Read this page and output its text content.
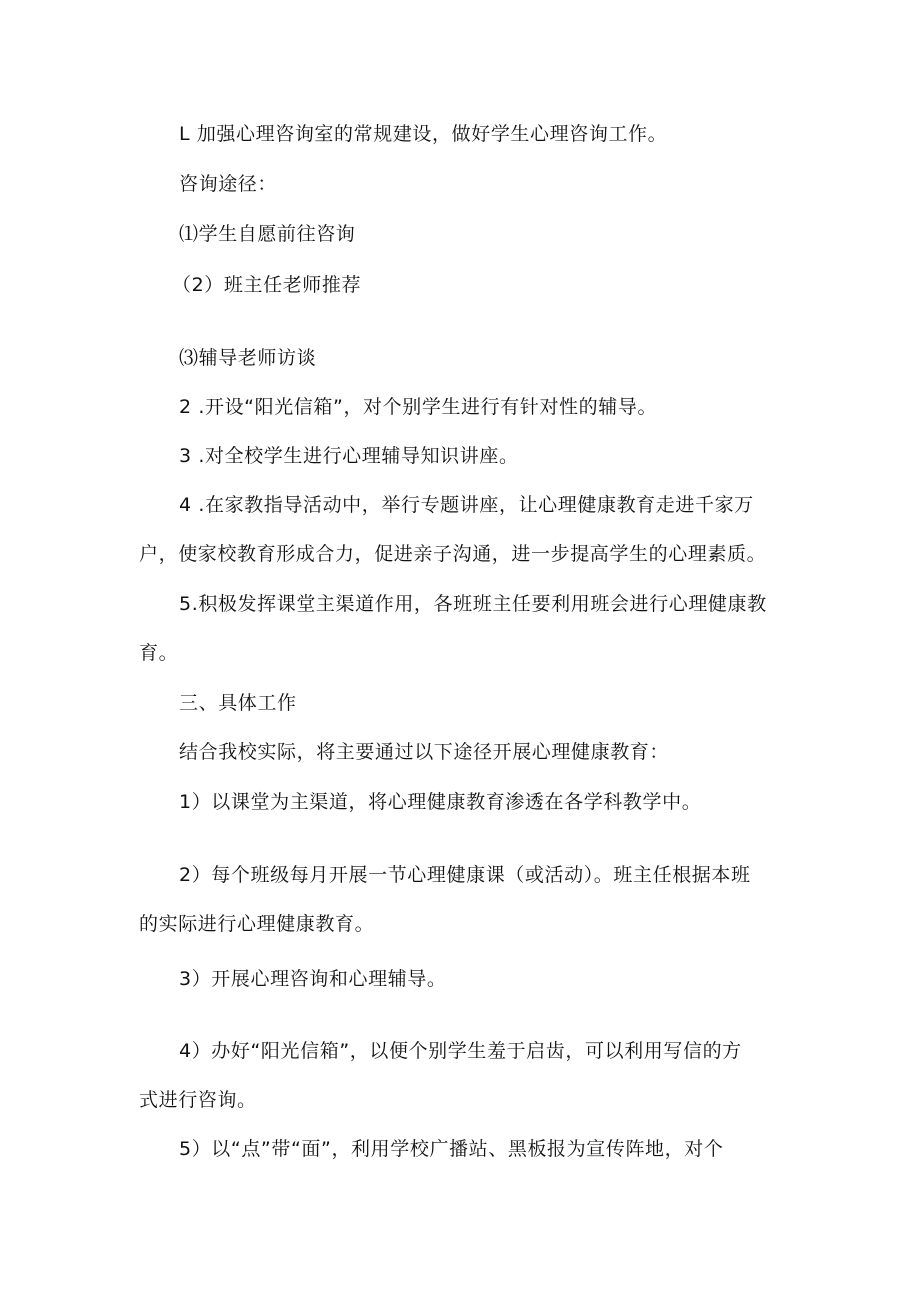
L 加强心理咨询室的常规建设，做好学生心理咨询工作。

咨询途径：

⑴学生自愿前往咨询

（2）班主任老师推荐

⑶辅导老师访谈

2 .开设“阳光信箱”，对个别学生进行有针对性的辅导。

3 .对全校学生进行心理辅导知识讲座。

4 .在家教指导活动中，举行专题讲座，让心理健康教育走进千家万

户，使家校教育形成合力，促进亲子沟通，进一步提高学生的心理素质。

5.积极发挥课堂主渠道作用，各班班主任要利用班会进行心理健康教

育。

三、具体工作

结合我校实际，将主要通过以下途径开展心理健康教育：

1）以课堂为主渠道，将心理健康教育渗透在各学科教学中。

2）每个班级每月开展一节心理健康课（或活动）。班主任根据本班

的实际进行心理健康教育。

3）开展心理咨询和心理辅导。

4）办好“阳光信箱”，以便个别学生羞于启齿，可以利用写信的方

式进行咨询。

5）以“点”带“面”，利用学校广播站、黑板报为宣传阵地，对个
